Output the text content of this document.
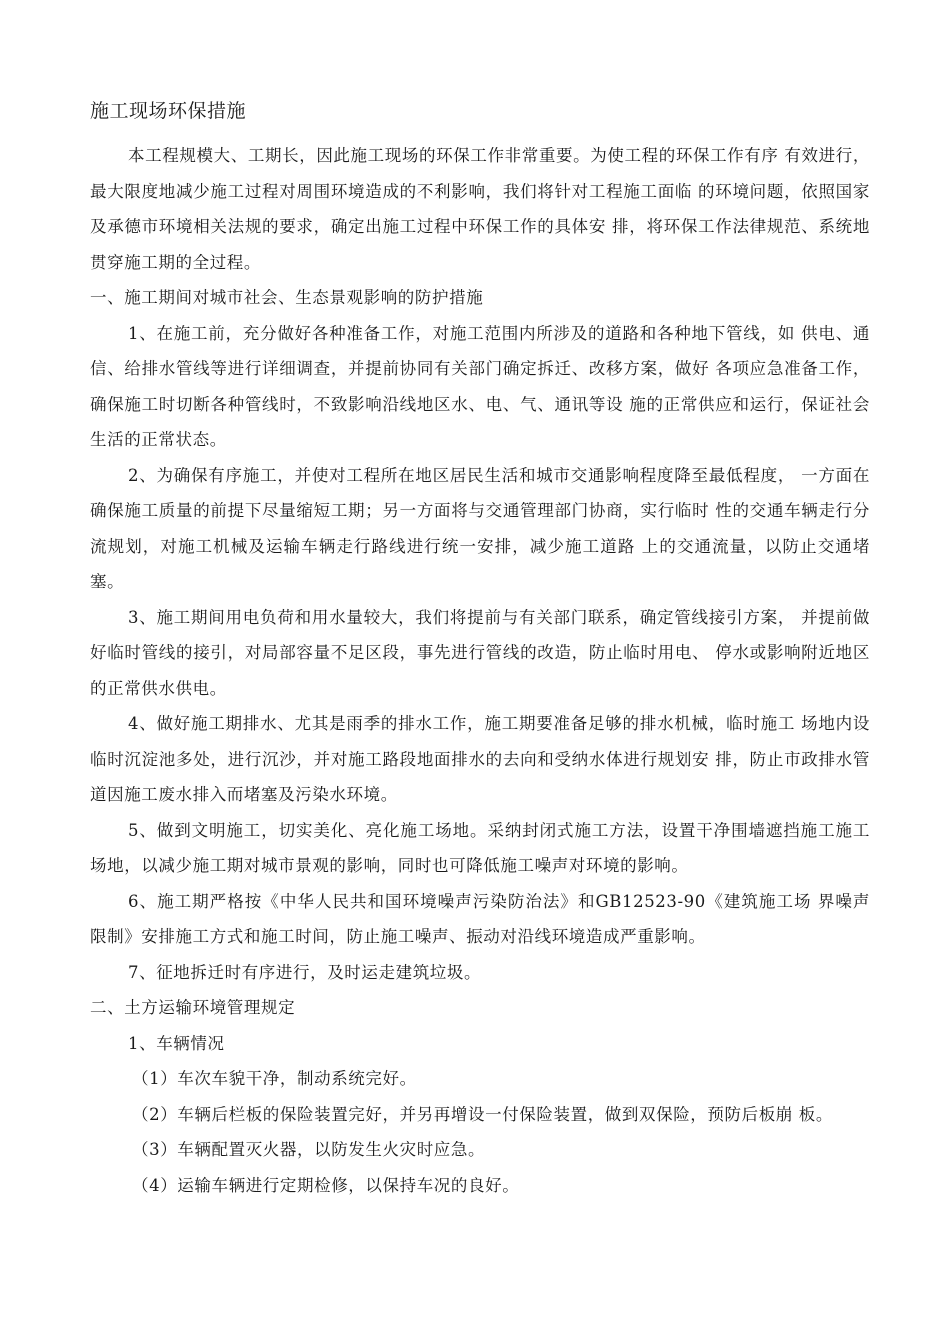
施工现场环保措施

本工程规模大、工期长，因此施工现场的环保工作非常重要。为使工程的环保工作有序 有效进行，最大限度地减少施工过程对周围环境造成的不利影响，我们将针对工程施工面临 的环境问题，依照国家及承德市环境相关法规的要求，确定出施工过程中环保工作的具体安 排，将环保工作法律规范、系统地贯穿施工期的全过程。

一、施工期间对城市社会、生态景观影响的防护措施

1、在施工前，充分做好各种准备工作，对施工范围内所涉及的道路和各种地下管线，如 供电、通信、给排水管线等进行详细调查，并提前协同有关部门确定拆迁、改移方案，做好 各项应急准备工作，确保施工时切断各种管线时，不致影响沿线地区水、电、气、通讯等设 施的正常供应和运行，保证社会生活的正常状态。

2、为确保有序施工，并使对工程所在地区居民生活和城市交通影响程度降至最低程度， 一方面在确保施工质量的前提下尽量缩短工期；另一方面将与交通管理部门协商，实行临时 性的交通车辆走行分流规划，对施工机械及运输车辆走行路线进行统一安排，减少施工道路 上的交通流量，以防止交通堵塞。

3、施工期间用电负荷和用水量较大，我们将提前与有关部门联系，确定管线接引方案， 并提前做好临时管线的接引，对局部容量不足区段，事先进行管线的改造，防止临时用电、 停水或影响附近地区的正常供水供电。

4、做好施工期排水、尤其是雨季的排水工作，施工期要准备足够的排水机械，临时施工 场地内设临时沉淀池多处，进行沉沙，并对施工路段地面排水的去向和受纳水体进行规划安 排，防止市政排水管道因施工废水排入而堵塞及污染水环境。

5、做到文明施工，切实美化、亮化施工场地。采纳封闭式施工方法，设置干净围墙遮挡施工施工场地，以减少施工期对城市景观的影响，同时也可降低施工噪声对环境的影响。

6、施工期严格按《中华人民共和国环境噪声污染防治法》和GB12523-90《建筑施工场 界噪声限制》安排施工方式和施工时间，防止施工噪声、振动对沿线环境造成严重影响。

7、征地拆迁时有序进行，及时运走建筑垃圾。

二、土方运输环境管理规定

1、车辆情况

（1）车次车貌干净，制动系统完好。

（2）车辆后栏板的保险装置完好，并另再增设一付保险装置，做到双保险，预防后板崩 板。

（3）车辆配置灭火器，以防发生火灾时应急。

（4）运输车辆进行定期检修，以保持车况的良好。
